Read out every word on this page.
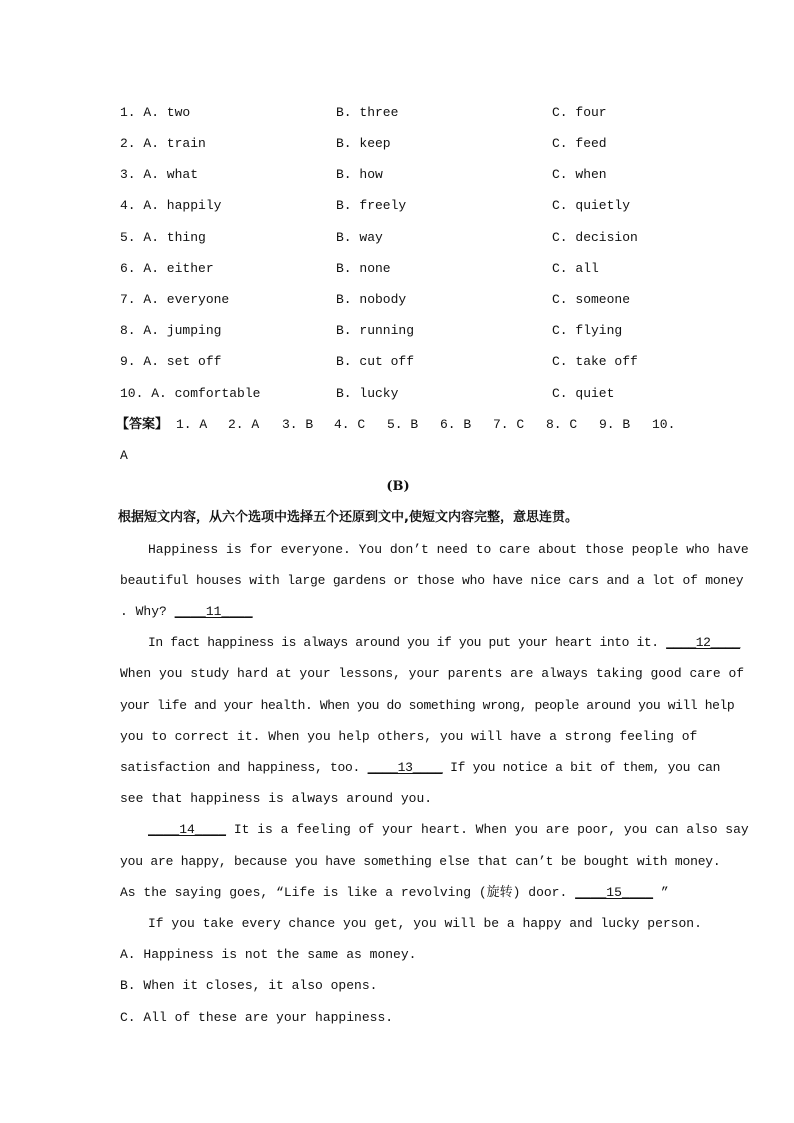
1. A. two	B. three	C. four
2. A. train	B. keep	C. feed
3. A. what	B. how	C. when
4. A. happily	B. freely	C. quietly
5. A. thing	B. way	C. decision
6. A. either	B. none	C. all
7. A. everyone	B. nobody	C. someone
8. A. jumping	B. running	C. flying
9. A. set off	B. cut off	C. take off
10. A. comfortable	B. lucky	C. quiet
【答案】 1. A 2. A 3. B 4. C 5. B 6. B 7. C 8. C 9. B 10.
A
(B)
根据短文内容，从六个选项中选择五个还原到文中,使短文内容完整，意思连贯。
Happiness is for everyone. You don’t need to care about those people who have
beautiful houses with large gardens or those who have nice cars and a lot of money
. Why? ____11____
In fact happiness is always around you if you put your heart into it. ____12____
When you study hard at your lessons, your parents are always taking good care of
your life and your health. When you do something wrong, people around you will help
you to correct it. When you help others, you will have a strong feeling of
satisfaction and happiness, too. ____13____ If you notice a bit of them, you can
see that happiness is always around you.
____14____ It is a feeling of your heart. When you are poor, you can also say
you are happy, because you have something else that can’t be bought with money.
As the saying goes, “Life is like a revolving (旋转) door. ____15____ ”
If you take every chance you get, you will be a happy and lucky person.
A. Happiness is not the same as money.
B. When it closes, it also opens.
C. All of these are your happiness.
